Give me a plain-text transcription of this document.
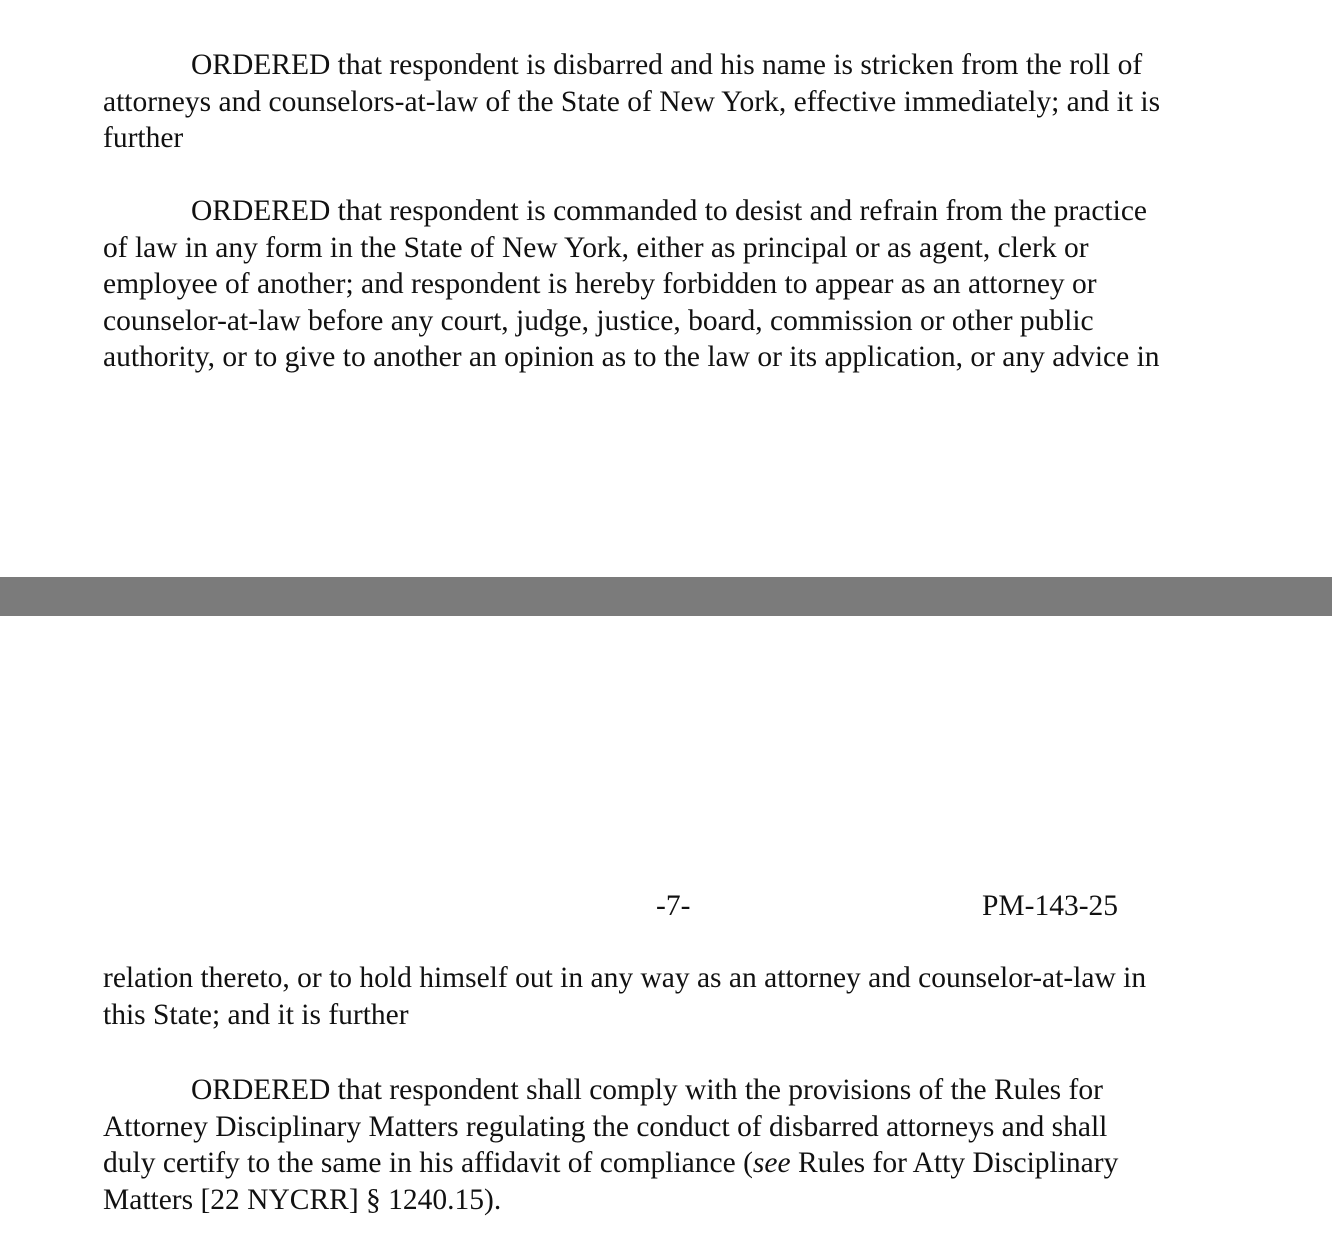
ORDERED that respondent is disbarred and his name is stricken from the roll of
attorneys and counselors-at-law of the State of New York, effective immediately; and it is
further

ORDERED that respondent is commanded to desist and refrain from the practice
of law in any form in the State of New York, either as principal or as agent, clerk or
employee of another; and respondent is hereby forbidden to appear as an attorney or
counselor-at-law before any court, judge, justice, board, commission or other public
authority, or to give to another an opinion as to the law or its application, or any advice in

-7-	PM-143-25

relation thereto, or to hold himself out in any way as an attorney and counselor-at-law in
this State; and it is further

ORDERED that respondent shall comply with the provisions of the Rules for
Attorney Disciplinary Matters regulating the conduct of disbarred attorneys and shall
duly certify to the same in his affidavit of compliance (see Rules for Atty Disciplinary
Matters [22 NYCRR] § 1240.15).
